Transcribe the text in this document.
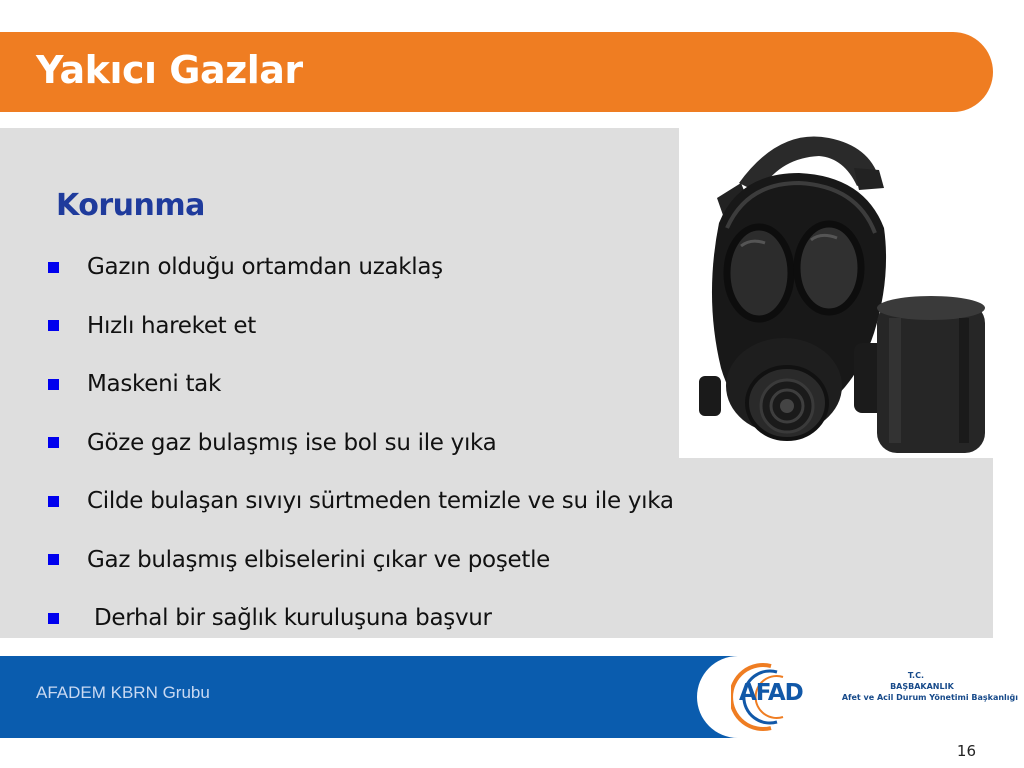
Yakıcı Gazlar
Korunma
Gazın olduğu ortamdan uzaklaş
Hızlı hareket et
Maskeni tak
Göze gaz bulaşmış ise bol su ile yıka
Cilde bulaşan sıvıyı sürtmeden temizle ve su ile yıka
Gaz bulaşmış elbiselerini çıkar ve poşetle
Derhal bir sağlık kuruluşuna başvur
AFADEM KBRN Grubu	AFAD
T.C.
BAŞBAKANLIK
Afet ve Acil Durum Yönetimi Başkanlığı
16
